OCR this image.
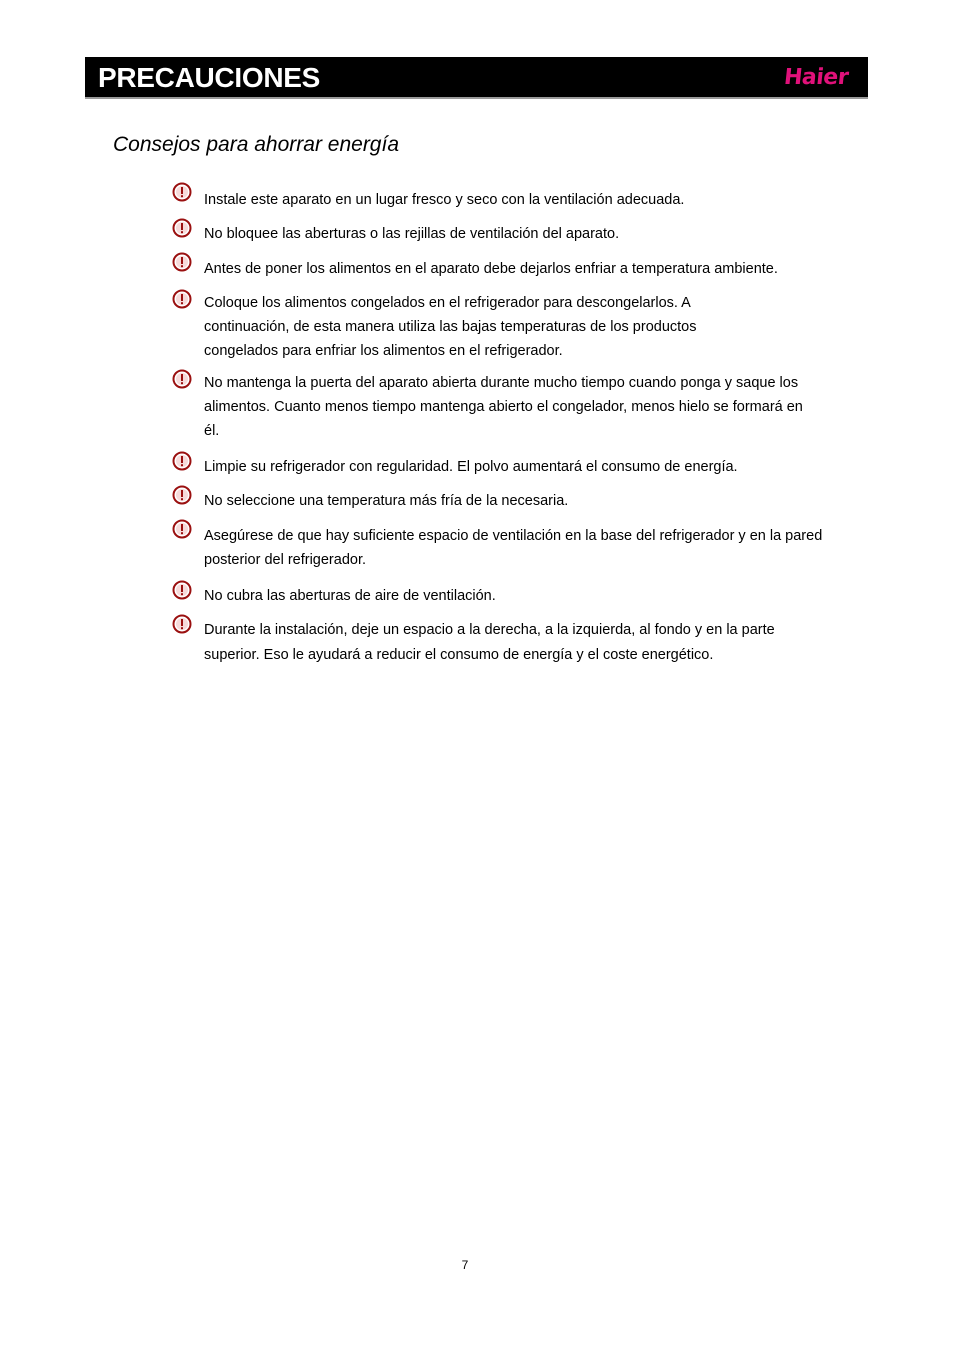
PRECAUCIONES	Haier
Consejos para ahorrar energía
Instale este aparato en un lugar fresco y seco con la ventilación adecuada.
No bloquee las aberturas o las rejillas de ventilación del aparato.
Antes de poner los alimentos en el aparato debe dejarlos enfriar a temperatura ambiente.
Coloque los alimentos congelados en el refrigerador para descongelarlos. A continuación, de esta manera utiliza las bajas temperaturas de los productos congelados para enfriar los alimentos en el refrigerador.
No mantenga la puerta del aparato abierta durante mucho tiempo cuando ponga y saque los alimentos. Cuanto menos tiempo mantenga abierto el congelador, menos hielo se formará en él.
Limpie su refrigerador con regularidad. El polvo aumentará el consumo de energía.
No seleccione una temperatura más fría de la necesaria.
Asegúrese de que hay suficiente espacio de ventilación en la base del refrigerador y en la pared posterior del refrigerador.
No cubra las aberturas de aire de ventilación.
Durante la instalación, deje un espacio a la derecha, a la izquierda, al fondo y en la parte superior. Eso le ayudará a reducir el consumo de energía y el coste energético.
7
